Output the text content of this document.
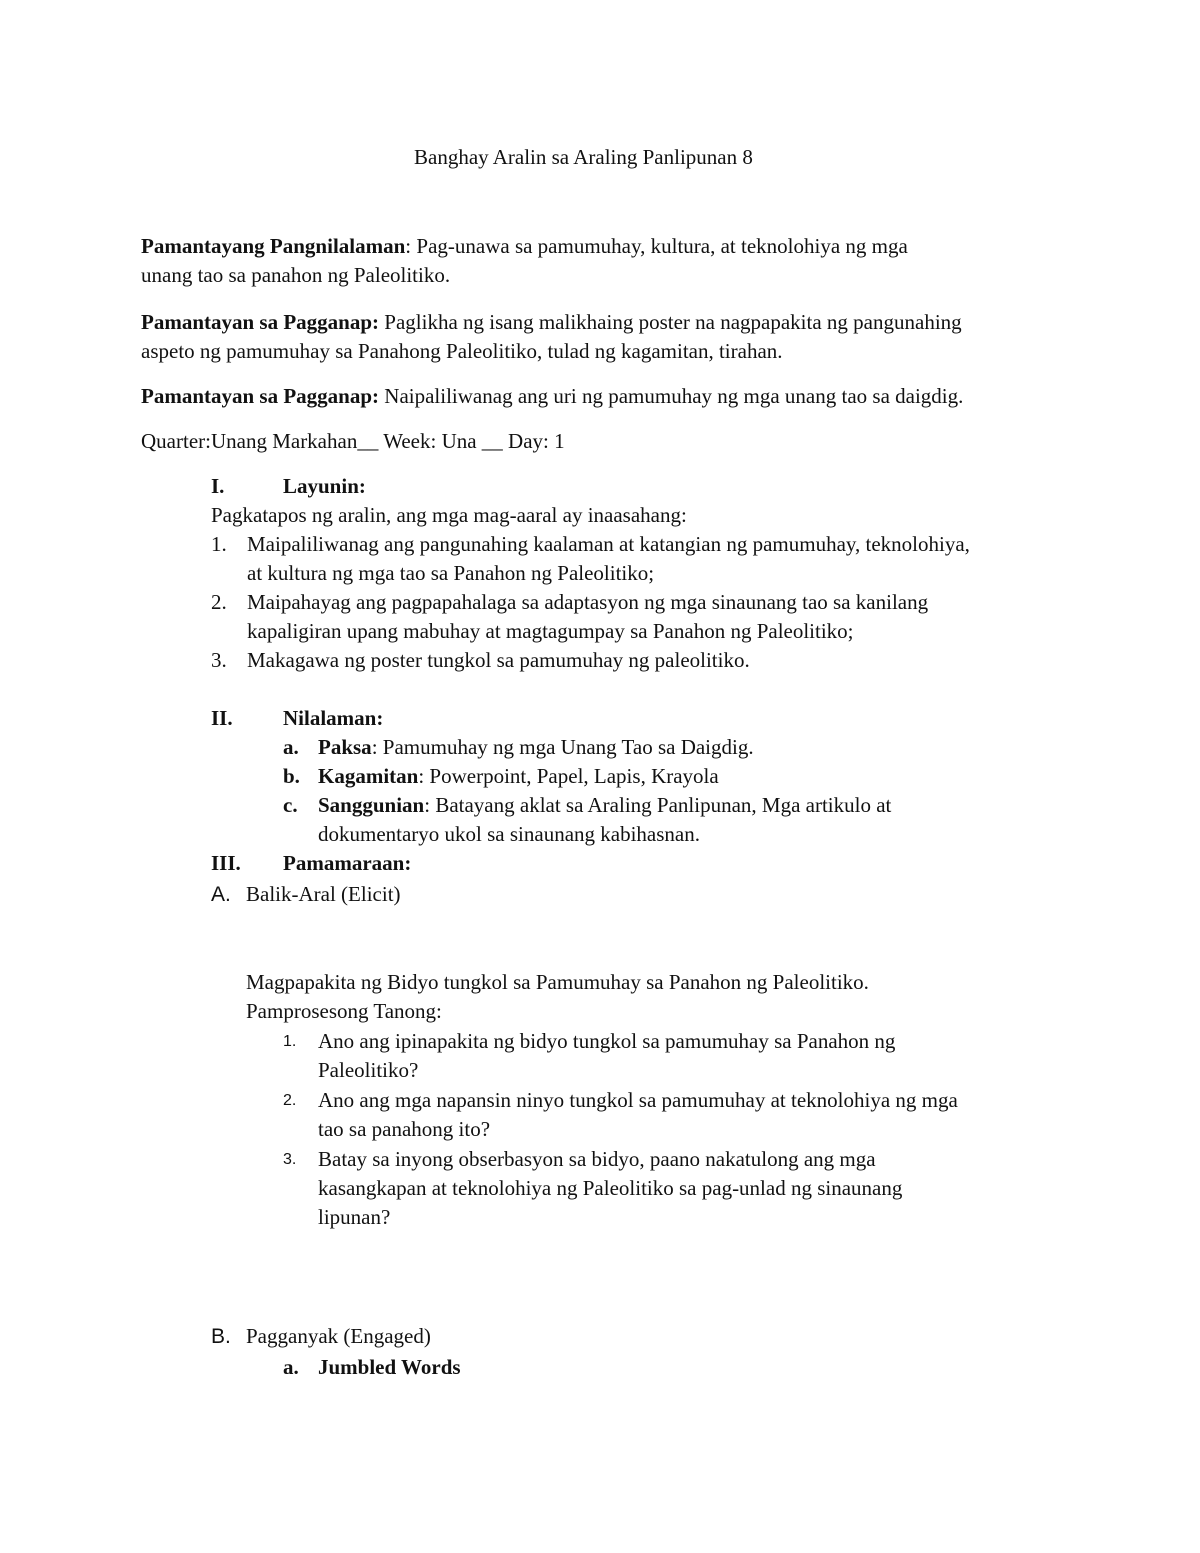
Banghay Aralin sa Araling Panlipunan 8

Pamantayang Pangnilalaman: Pag-unawa sa pamumuhay, kultura, at teknolohiya ng mga

unang tao sa panahon ng Paleolitiko.

Pamantayan sa Pagganap: Paglikha ng isang malikhaing poster na nagpapakita ng pangunahing

aspeto ng pamumuhay sa Panahong Paleolitiko, tulad ng kagamitan, tirahan.

Pamantayan sa Pagganap: Naipaliliwanag ang uri ng pamumuhay ng mga unang tao sa daigdig.

Quarter:Unang Markahan__ Week: Una __ Day: 1

I.	Layunin:

Pagkatapos ng aralin, ang mga mag-aaral ay inaasahang:

1. Maipaliliwanag ang pangunahing kaalaman at katangian ng pamumuhay, teknolohiya,

at kultura ng mga tao sa Panahon ng Paleolitiko;

2. Maipahayag ang pagpapahalaga sa adaptasyon ng mga sinaunang tao sa kanilang

kapaligiran upang mabuhay at magtagumpay sa Panahon ng Paleolitiko;

3. Makagawa ng poster tungkol sa pamumuhay ng paleolitiko.

II. Nilalaman:

a. Paksa: Pamumuhay ng mga Unang Tao sa Daigdig.

b. Kagamitan: Powerpoint, Papel, Lapis, Krayola

c. Sanggunian: Batayang aklat sa Araling Panlipunan, Mga artikulo at

dokumentaryo ukol sa sinaunang kabihasnan.

III. Pamamaraan:

A. Balik-Aral (Elicit)

Magpapakita ng Bidyo tungkol sa Pamumuhay sa Panahon ng Paleolitiko.

Pamprosesong Tanong:

1. Ano ang ipinapakita ng bidyo tungkol sa pamumuhay sa Panahon ng

Paleolitiko?

2. Ano ang mga napansin ninyo tungkol sa pamumuhay at teknolohiya ng mga

tao sa panahong ito?

3. Batay sa inyong obserbasyon sa bidyo, paano nakatulong ang mga

kasangkapan at teknolohiya ng Paleolitiko sa pag-unlad ng sinaunang

lipunan?

B. Pagganyak (Engaged)

a. Jumbled Words
